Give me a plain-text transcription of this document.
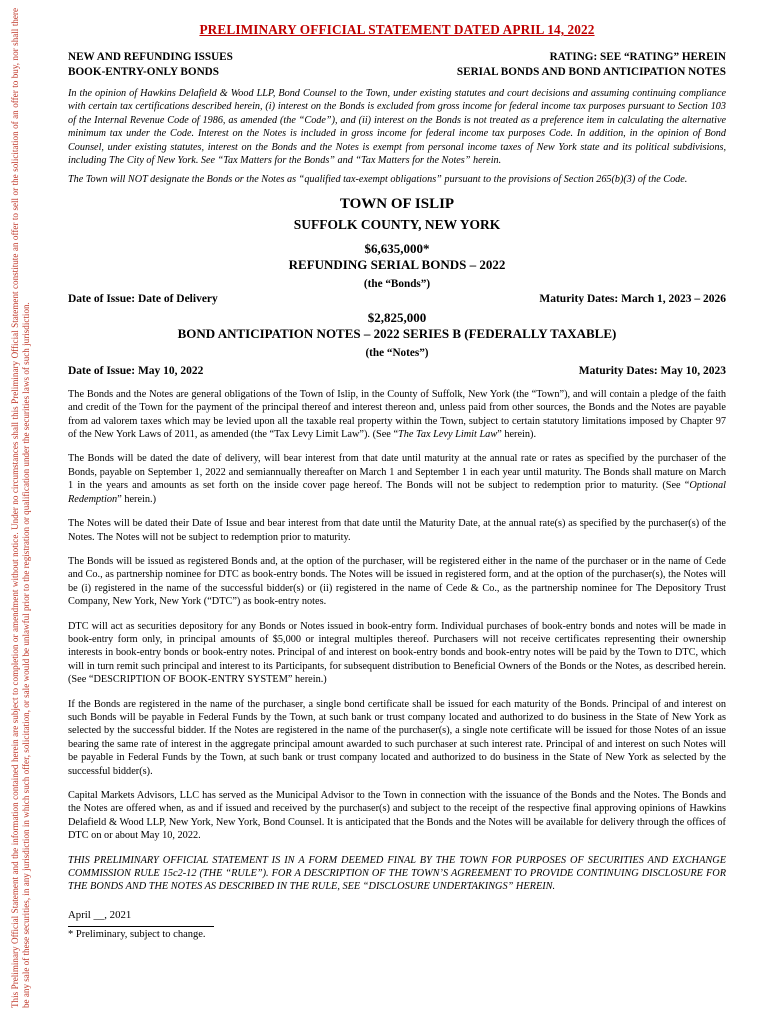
This Preliminary Official Statement and the information contained herein are subject to completion or amendment without notice. Under no circumstances shall this Preliminary Official Statement constitute an offer to sell or the solicitation of an offer to buy, nor shall there be any sale of these securities, in any jurisdiction in which such offer, solicitation, or sale would be unlawful prior to the registration or qualification under the securities laws of such jurisdiction.
PRELIMINARY OFFICIAL STATEMENT DATED APRIL 14, 2022
NEW AND REFUNDING ISSUES	RATING: SEE “RATING” HEREIN
BOOK-ENTRY-ONLY BONDS	SERIAL BONDS AND BOND ANTICIPATION NOTES

In the opinion of Hawkins Delafield & Wood LLP, Bond Counsel to the Town, under existing statutes and court decisions and assuming continuing compliance with certain tax certifications described herein, (i) interest on the Bonds is excluded from gross income for federal income tax purposes pursuant to Section 103 of the Internal Revenue Code of 1986, as amended (the “Code”), and (ii) interest on the Bonds is not treated as a preference item in calculating the alternative minimum tax under the Code. Interest on the Notes is included in gross income for federal income tax purposes Code. In addition, in the opinion of Bond Counsel, under existing statutes, interest on the Bonds and the Notes is exempt from personal income taxes of New York state and its political subdivisions, including The City of New York. See “Tax Matters for the Bonds” and “Tax Matters for the Notes” herein.

The Town will NOT designate the Bonds or the Notes as “qualified tax-exempt obligations” pursuant to the provisions of Section 265(b)(3) of the Code.

TOWN OF ISLIP
SUFFOLK COUNTY, NEW YORK
$6,635,000*
REFUNDING SERIAL BONDS – 2022
(the “Bonds”)
Date of Issue: Date of Delivery	Maturity Dates: March 1, 2023 – 2026
$2,825,000
BOND ANTICIPATION NOTES – 2022 SERIES B (FEDERALLY TAXABLE)
(the “Notes”)
Date of Issue: May 10, 2022	Maturity Dates: May 10, 2023

The Bonds and the Notes are general obligations of the Town of Islip, in the County of Suffolk, New York (the “Town”), and will contain a pledge of the faith and credit of the Town for the payment of the principal thereof and interest thereon and, unless paid from other sources, the Bonds and the Notes are payable from ad valorem taxes which may be levied upon all the taxable real property within the Town, subject to certain statutory limitations imposed by Chapter 97 of the New York Laws of 2011, as amended (the “Tax Levy Limit Law”). (See “The Tax Levy Limit Law” herein).

The Bonds will be dated the date of delivery, will bear interest from that date until maturity at the annual rate or rates as specified by the purchaser of the Bonds, payable on September 1, 2022 and semiannually thereafter on March 1 and September 1 in each year until maturity. The Bonds shall mature on March 1 in the years and amounts as set forth on the inside cover page hereof. The Bonds will not be subject to redemption prior to maturity. (See “Optional Redemption” herein.)

The Notes will be dated their Date of Issue and bear interest from that date until the Maturity Date, at the annual rate(s) as specified by the purchaser(s) of the Notes. The Notes will not be subject to redemption prior to maturity.

The Bonds will be issued as registered Bonds and, at the option of the purchaser, will be registered either in the name of the purchaser or in the name of Cede and Co., as partnership nominee for DTC as book-entry bonds. The Notes will be issued in registered form, and at the option of the purchaser(s), the Notes will be (i) registered in the name of the successful bidder(s) or (ii) registered in the name of Cede & Co., as the partnership nominee for The Depository Trust Company, New York, New York (“DTC”) as book-entry notes.

DTC will act as securities depository for any Bonds or Notes issued in book-entry form. Individual purchases of book-entry bonds and notes will be made in book-entry form only, in principal amounts of $5,000 or integral multiples thereof. Purchasers will not receive certificates representing their ownership interests in book-entry bonds or book-entry notes. Principal of and interest on book-entry bonds and book-entry notes will be paid by the Town to DTC, which will in turn remit such principal and interest to its Participants, for subsequent distribution to Beneficial Owners of the Bonds or the Notes, as described herein. (See “DESCRIPTION OF BOOK-ENTRY SYSTEM” herein.)

If the Bonds are registered in the name of the purchaser, a single bond certificate shall be issued for each maturity of the Bonds. Principal of and interest on such Bonds will be payable in Federal Funds by the Town, at such bank or trust company located and authorized to do business in the State of New York as selected by the successful bidder. If the Notes are registered in the name of the purchaser(s), a single note certificate will be issued for those Notes of an issue bearing the same rate of interest in the aggregate principal amount awarded to such purchaser at such interest rate. Principal of and interest on such Notes will be payable in Federal Funds by the Town, at such bank or trust company located and authorized to do business in the State of New York as selected by the successful bidder(s).

Capital Markets Advisors, LLC has served as the Municipal Advisor to the Town in connection with the issuance of the Bonds and the Notes. The Bonds and the Notes are offered when, as and if issued and received by the purchaser(s) and subject to the receipt of the respective final approving opinions of Hawkins Delafield & Wood LLP, New York, New York, Bond Counsel. It is anticipated that the Bonds and the Notes will be available for delivery through the offices of DTC on or about May 10, 2022.

THIS PRELIMINARY OFFICIAL STATEMENT IS IN A FORM DEEMED FINAL BY THE TOWN FOR PURPOSES OF SECURITIES AND EXCHANGE COMMISSION RULE 15c2-12 (THE “RULE”). FOR A DESCRIPTION OF THE TOWN’S AGREEMENT TO PROVIDE CONTINUING DISCLOSURE FOR THE BONDS AND THE NOTES AS DESCRIBED IN THE RULE, SEE “DISCLOSURE UNDERTAKINGS” HEREIN.

April __, 2021
* Preliminary, subject to change.
